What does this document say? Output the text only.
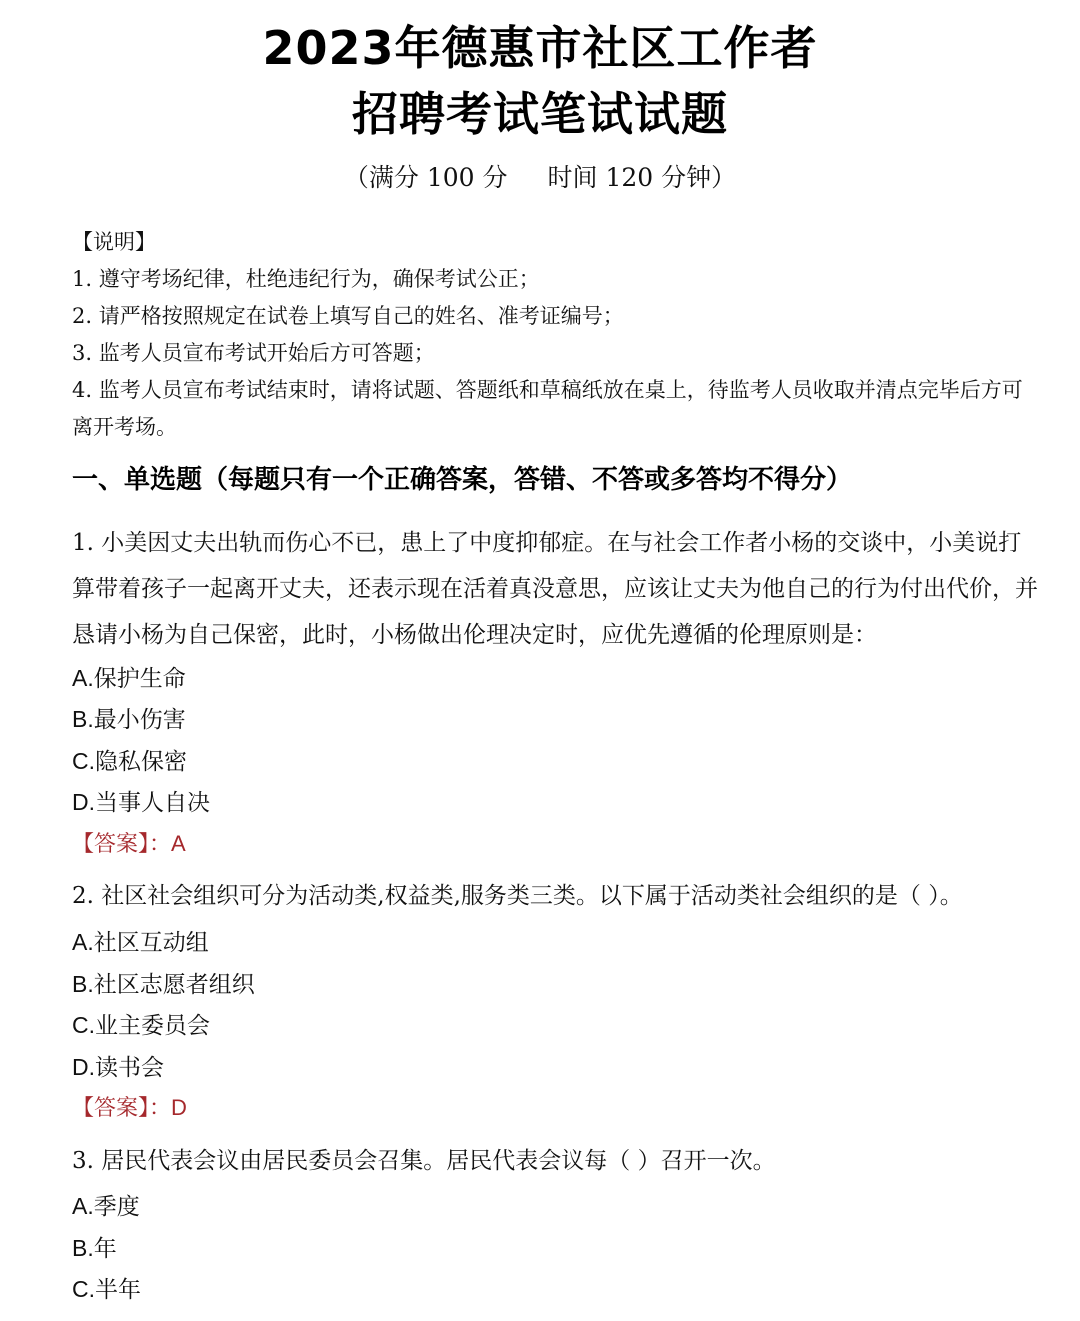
2023年德惠市社区工作者
招聘考试笔试试题
（满分 100 分 时间 120 分钟）
【说明】
1. 遵守考场纪律，杜绝违纪行为，确保考试公正；
2. 请严格按照规定在试卷上填写自己的姓名、准考证编号；
3. 监考人员宣布考试开始后方可答题；
4. 监考人员宣布考试结束时，请将试题、答题纸和草稿纸放在桌上，待监考人员收取并清点完毕后方可离开考场。
一、单选题（每题只有一个正确答案，答错、不答或多答均不得分）
1. 小美因丈夫出轨而伤心不已，患上了中度抑郁症。在与社会工作者小杨的交谈中，小美说打算带着孩子一起离开丈夫，还表示现在活着真没意思，应该让丈夫为他自己的行为付出代价，并恳请小杨为自己保密，此时，小杨做出伦理决定时，应优先遵循的伦理原则是：
A.保护生命
B.最小伤害
C.隐私保密
D.当事人自决
【答案】：A
2. 社区社会组织可分为活动类,权益类,服务类三类。以下属于活动类社会组织的是（ ）。
A.社区互动组
B.社区志愿者组织
C.业主委员会
D.读书会
【答案】：D
3. 居民代表会议由居民委员会召集。居民代表会议每（ ）召开一次。
A.季度
B.年
C.半年
